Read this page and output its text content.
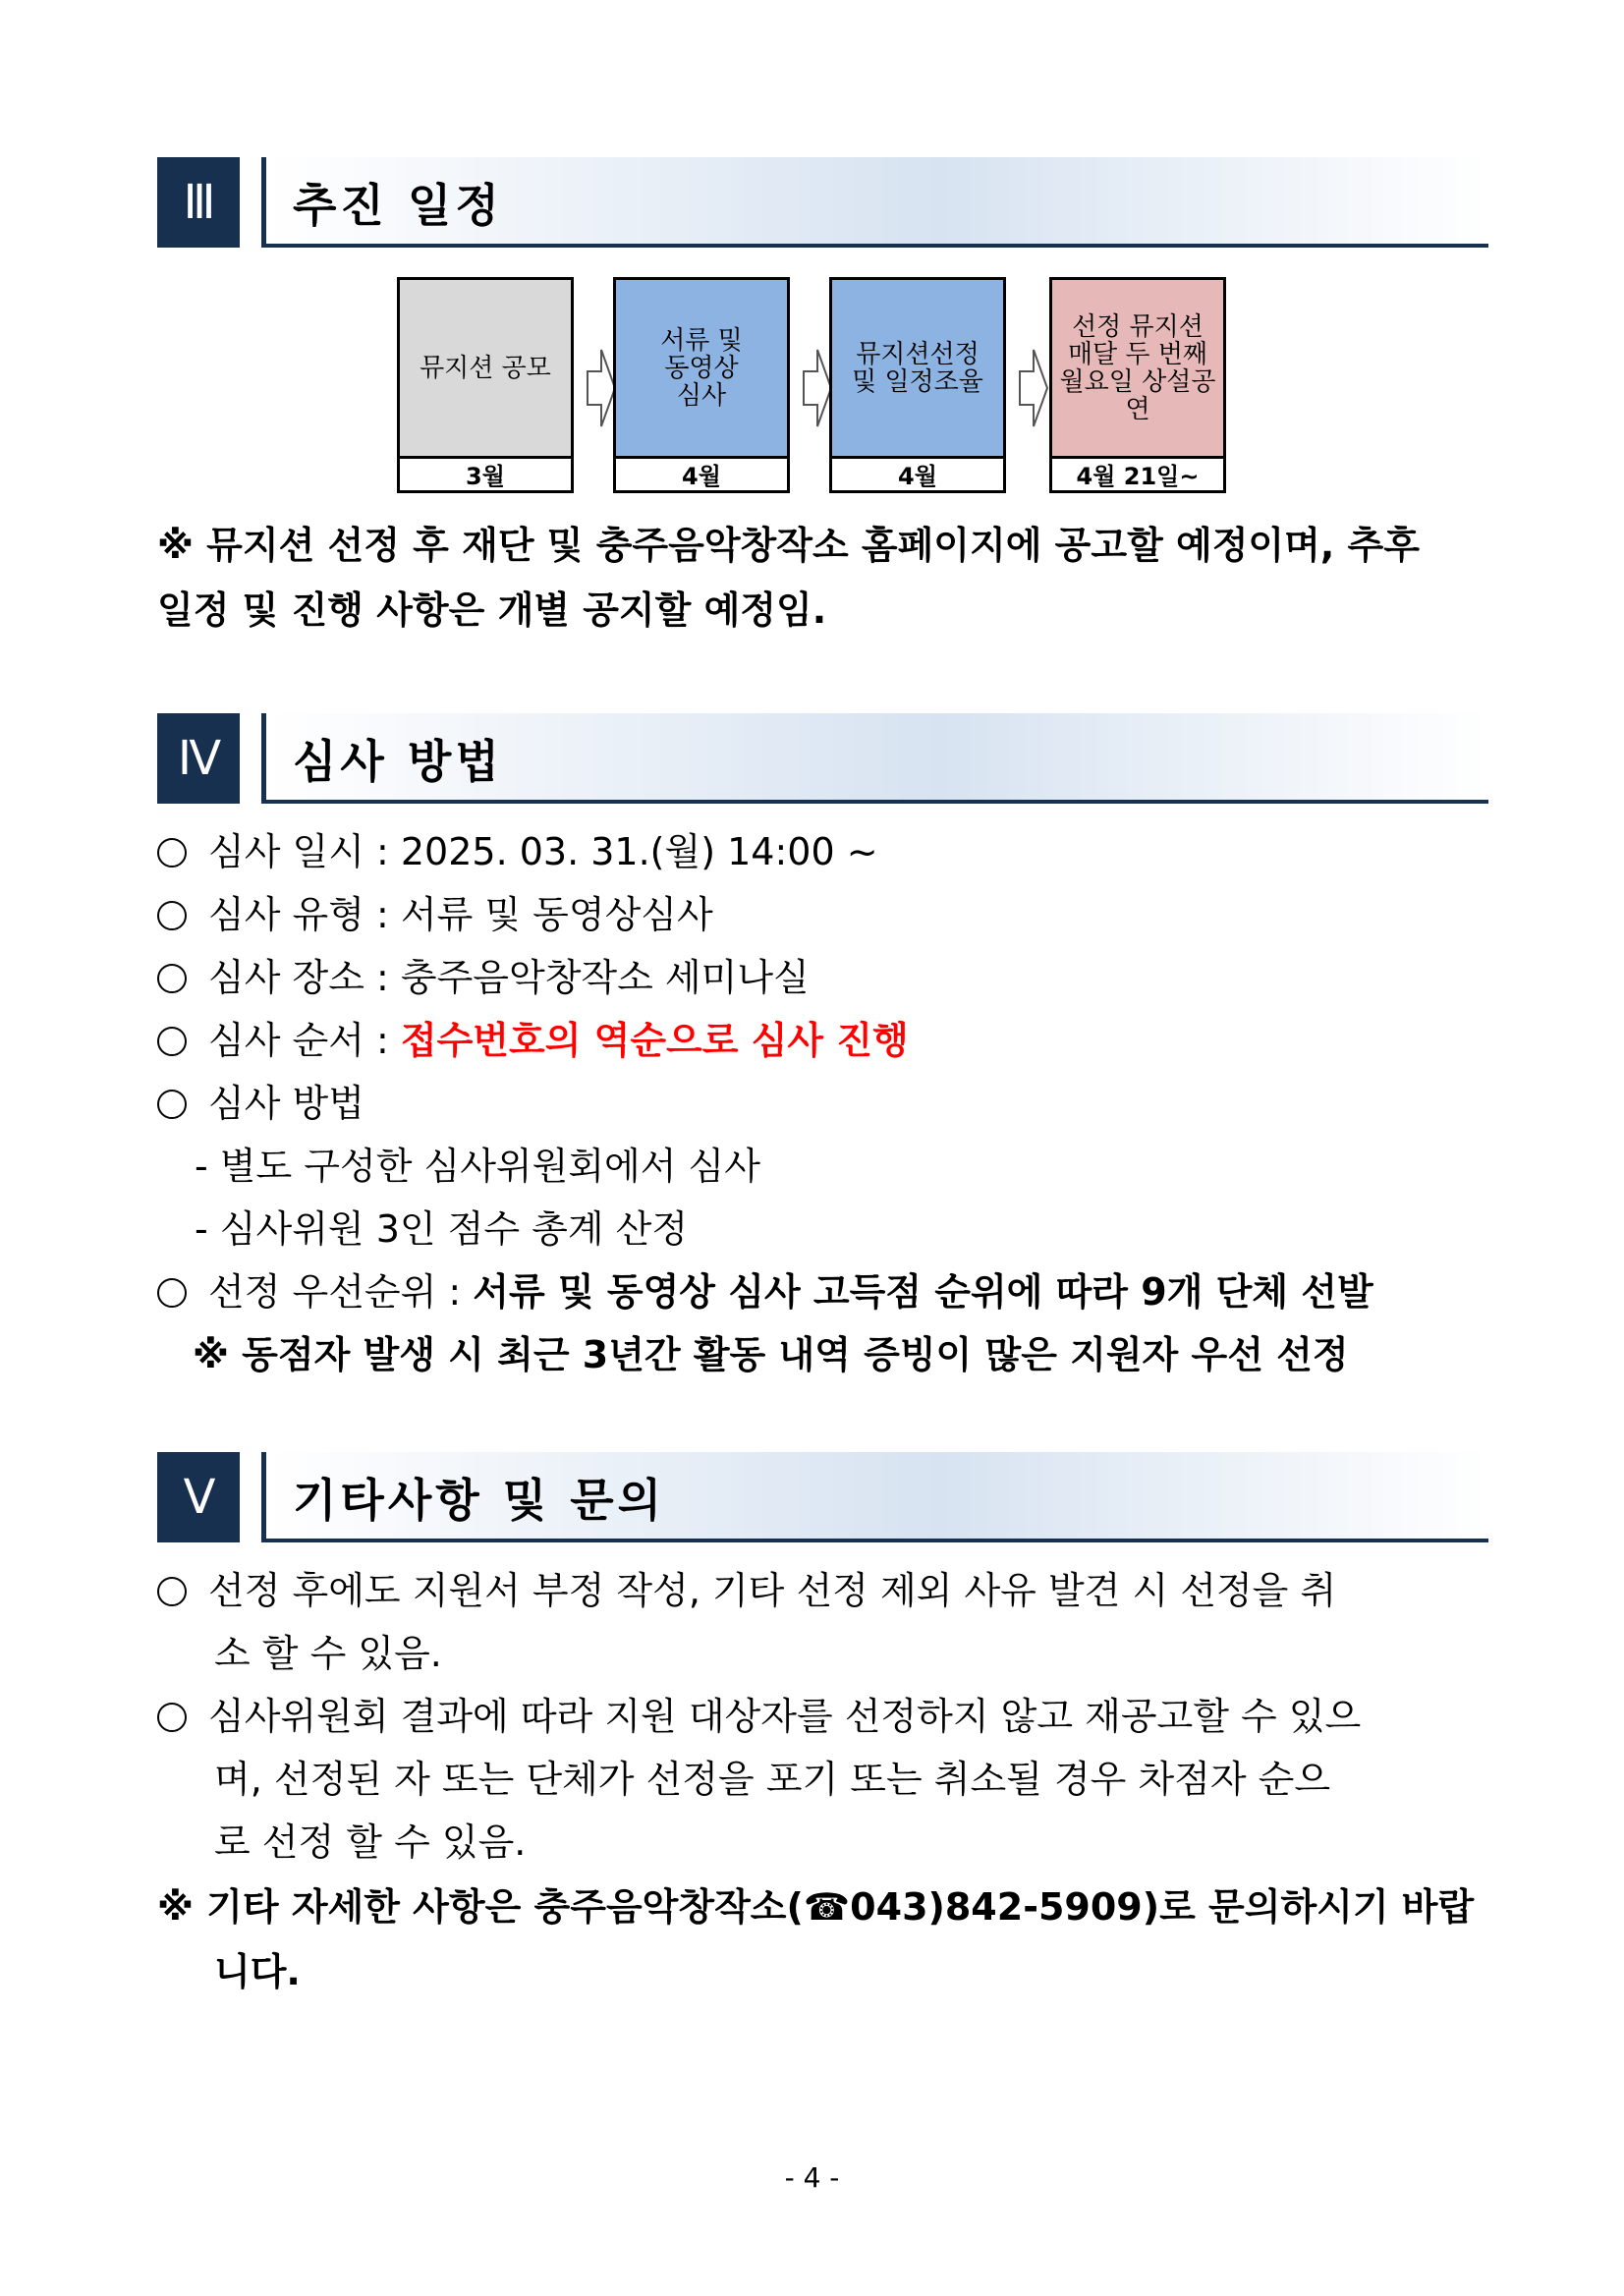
Ⅲ	추진 일정
뮤지션 공모
3월
서류 및
동영상
심사
4월
뮤지션선정
및 일정조율
4월
선정 뮤지션
매달 두 번째
월요일 상설공연
4월 21일~
※ 뮤지션 선정 후 재단 및 충주음악창작소 홈페이지에 공고할 예정이며, 추후
일정 및 진행 사항은 개별 공지할 예정임.
Ⅳ	심사 방법
심사 일시 : 2025. 03. 31.(월) 14:00 ~
심사 유형 : 서류 및 동영상심사
심사 장소 : 충주음악창작소 세미나실
심사 순서 : 접수번호의 역순으로 심사 진행
심사 방법
- 별도 구성한 심사위원회에서 심사
- 심사위원 3인 점수 총계 산정
선정 우선순위 : 서류 및 동영상 심사 고득점 순위에 따라 9개 단체 선발
※ 동점자 발생 시 최근 3년간 활동 내역 증빙이 많은 지원자 우선 선정
Ⅴ	기타사항 및 문의
선정 후에도 지원서 부정 작성, 기타 선정 제외 사유 발견 시 선정을 취
소 할 수 있음.
심사위원회 결과에 따라 지원 대상자를 선정하지 않고 재공고할 수 있으
며, 선정된 자 또는 단체가 선정을 포기 또는 취소될 경우 차점자 순으
로 선정 할 수 있음.
※ 기타 자세한 사항은 충주음악창작소(☎043)842-5909)로 문의하시기 바랍
니다.
- 4 -
